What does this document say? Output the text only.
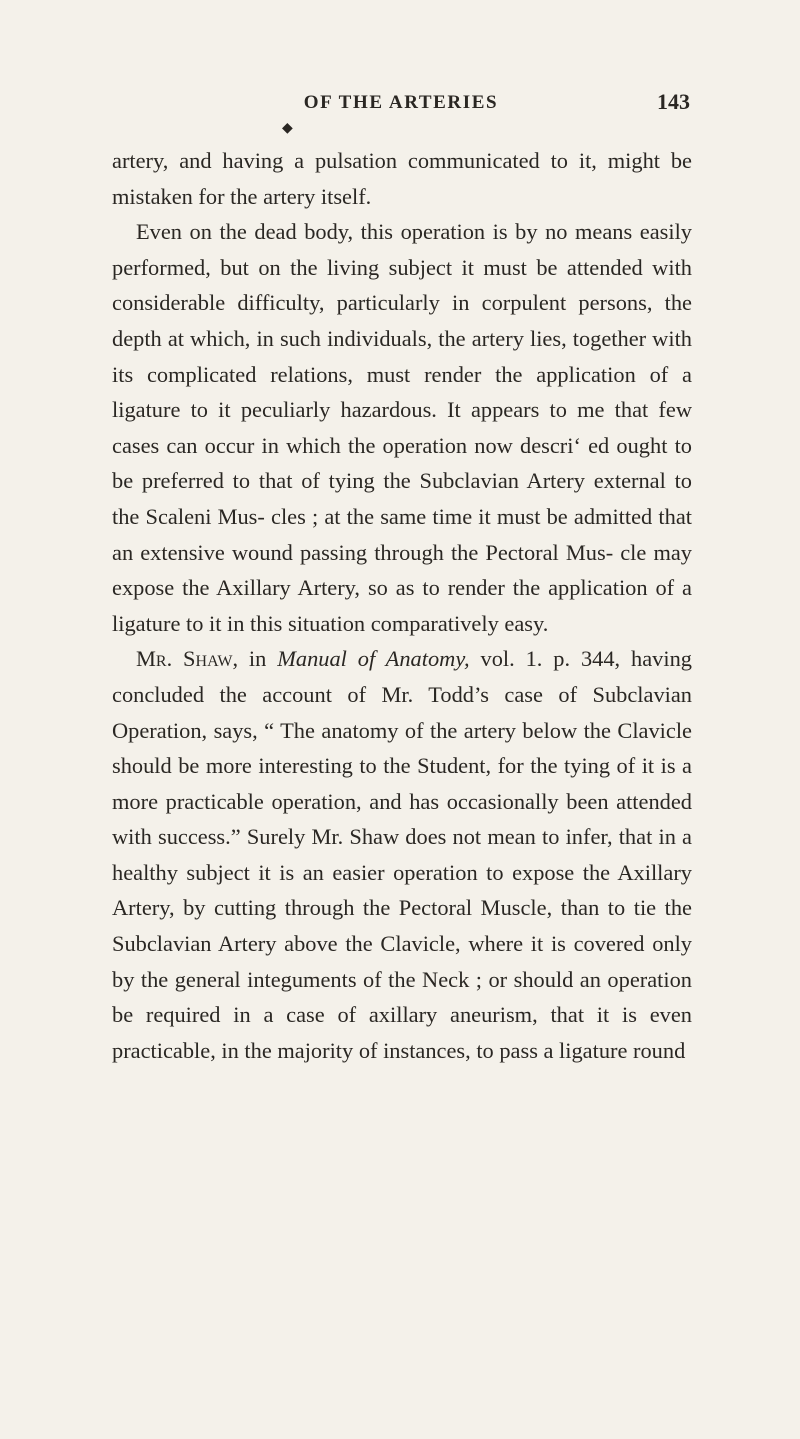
OF THE ARTERIES	143
◆

artery, and having a pulsation communicated to it, might be mistaken for the artery itself.

Even on the dead body, this operation is by no means easily performed, but on the living subject it must be attended with considerable difficulty, particularly in corpulent persons, the depth at which, in such individuals, the artery lies, together with its complicated relations, must render the application of a ligature to it peculiarly hazardous. It appears to me that few cases can occur in which the operation now descri‘ ed ought to be preferred to that of tying the Subclavian Artery external to the Scaleni Mus- cles ; at the same time it must be admitted that an extensive wound passing through the Pectoral Mus- cle may expose the Axillary Artery, so as to render the application of a ligature to it in this situation comparatively easy.

Mr. Shaw, in Manual of Anatomy, vol. 1. p. 344, having concluded the account of Mr. Todd’s case of Subclavian Operation, says, “ The anatomy of the artery below the Clavicle should be more interesting to the Student, for the tying of it is a more practicable operation, and has occasionally been attended with success.” Surely Mr. Shaw does not mean to infer, that in a healthy subject it is an easier operation to expose the Axillary Artery, by cutting through the Pectoral Muscle, than to tie the Subclavian Artery above the Clavicle, where it is covered only by the general integuments of the Neck ; or should an operation be required in a case of axillary aneurism, that it is even practicable, in the majority of instances, to pass a ligature round
